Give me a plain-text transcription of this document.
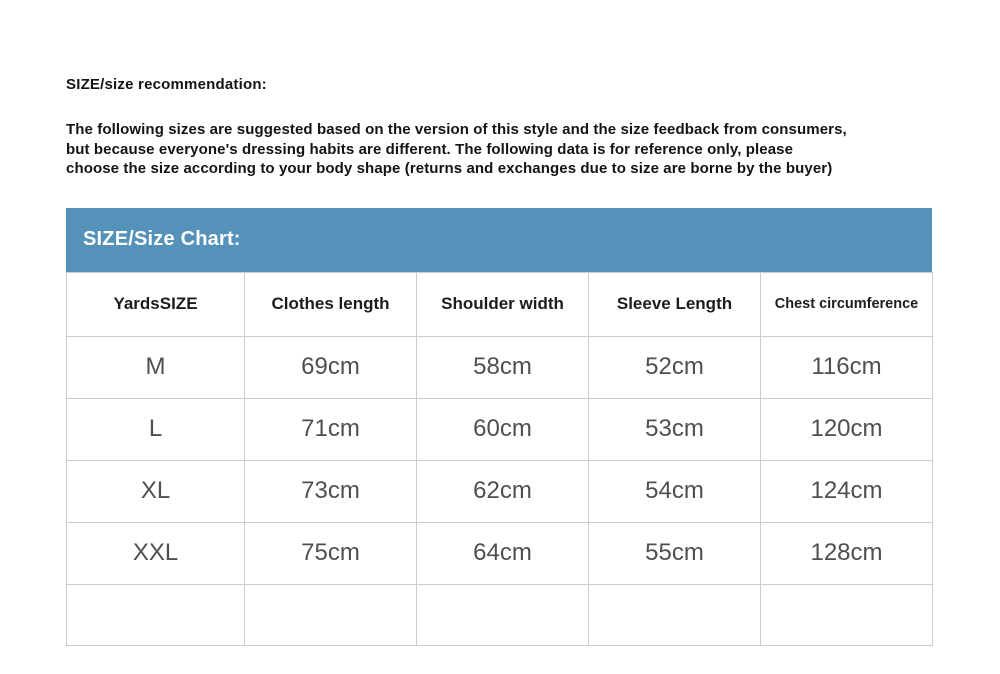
SIZE/size recommendation:
The following sizes are suggested based on the version of this style and the size feedback from consumers,
but because everyone's dressing habits are different. The following data is for reference only, please
choose the size according to your body shape (returns and exchanges due to size are borne by the buyer)
SIZE/Size Chart:
YardsSIZE	Clothes length	Shoulder width	Sleeve Length	Chest circumference
M	69cm	58cm	52cm	116cm
L	71cm	60cm	53cm	120cm
XL	73cm	62cm	54cm	124cm
XXL	75cm	64cm	55cm	128cm
